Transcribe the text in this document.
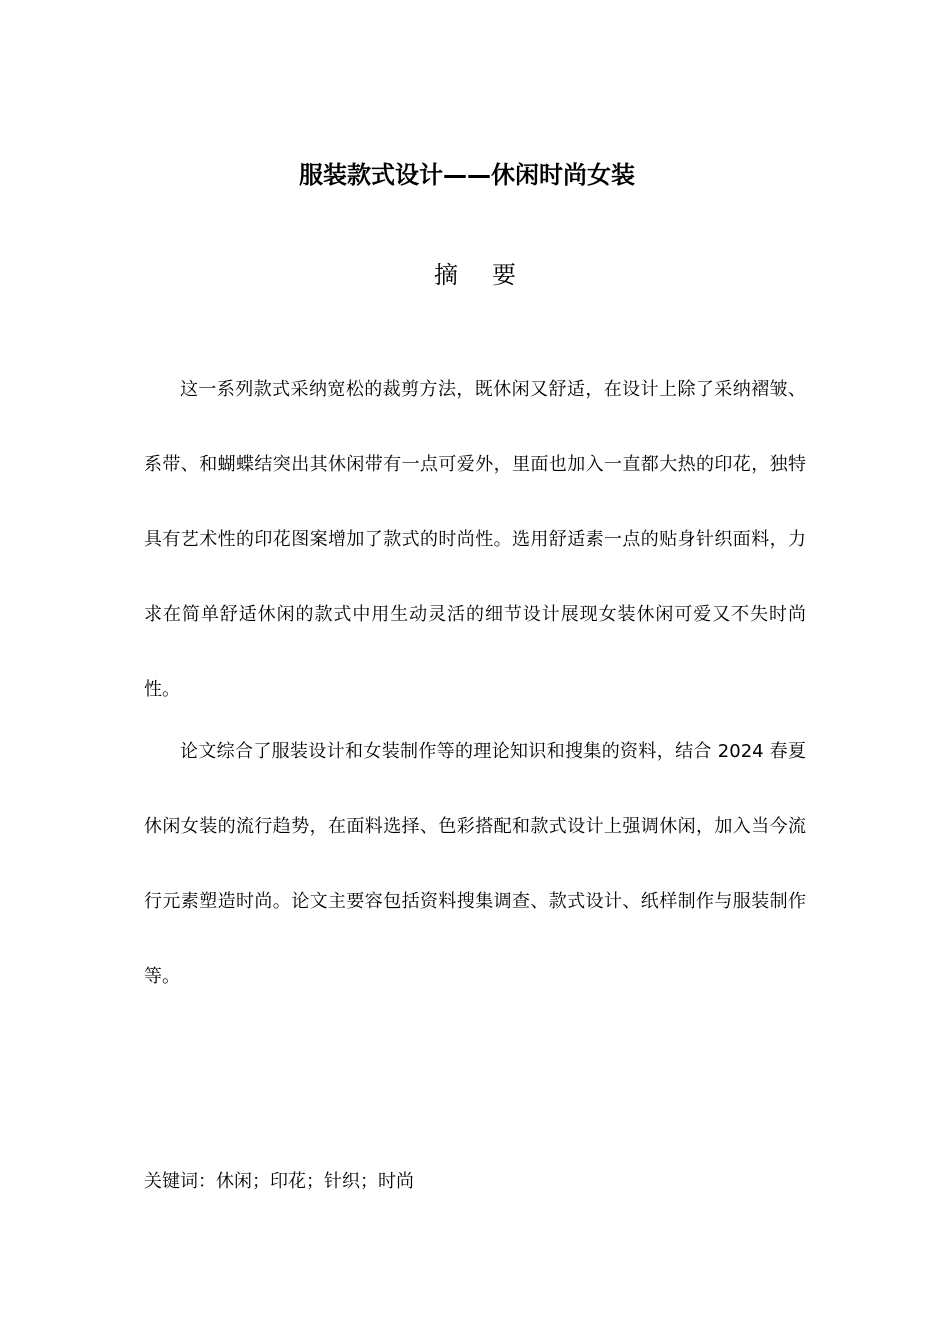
服装款式设计——休闲时尚女装
摘要
这一系列款式采纳宽松的裁剪方法，既休闲又舒适，在设计上除了采纳褶皱、系带、和蝴蝶结突出其休闲带有一点可爱外，里面也加入一直都大热的印花，独特具有艺术性的印花图案增加了款式的时尚性。选用舒适素一点的贴身针织面料，力求在简单舒适休闲的款式中用生动灵活的细节设计展现女装休闲可爱又不失时尚性。
论文综合了服装设计和女装制作等的理论知识和搜集的资料，结合 2024 春夏休闲女装的流行趋势，在面料选择、色彩搭配和款式设计上强调休闲，加入当今流行元素塑造时尚。论文主要容包括资料搜集调查、款式设计、纸样制作与服装制作等。
关键词：休闲；印花；针织；时尚
